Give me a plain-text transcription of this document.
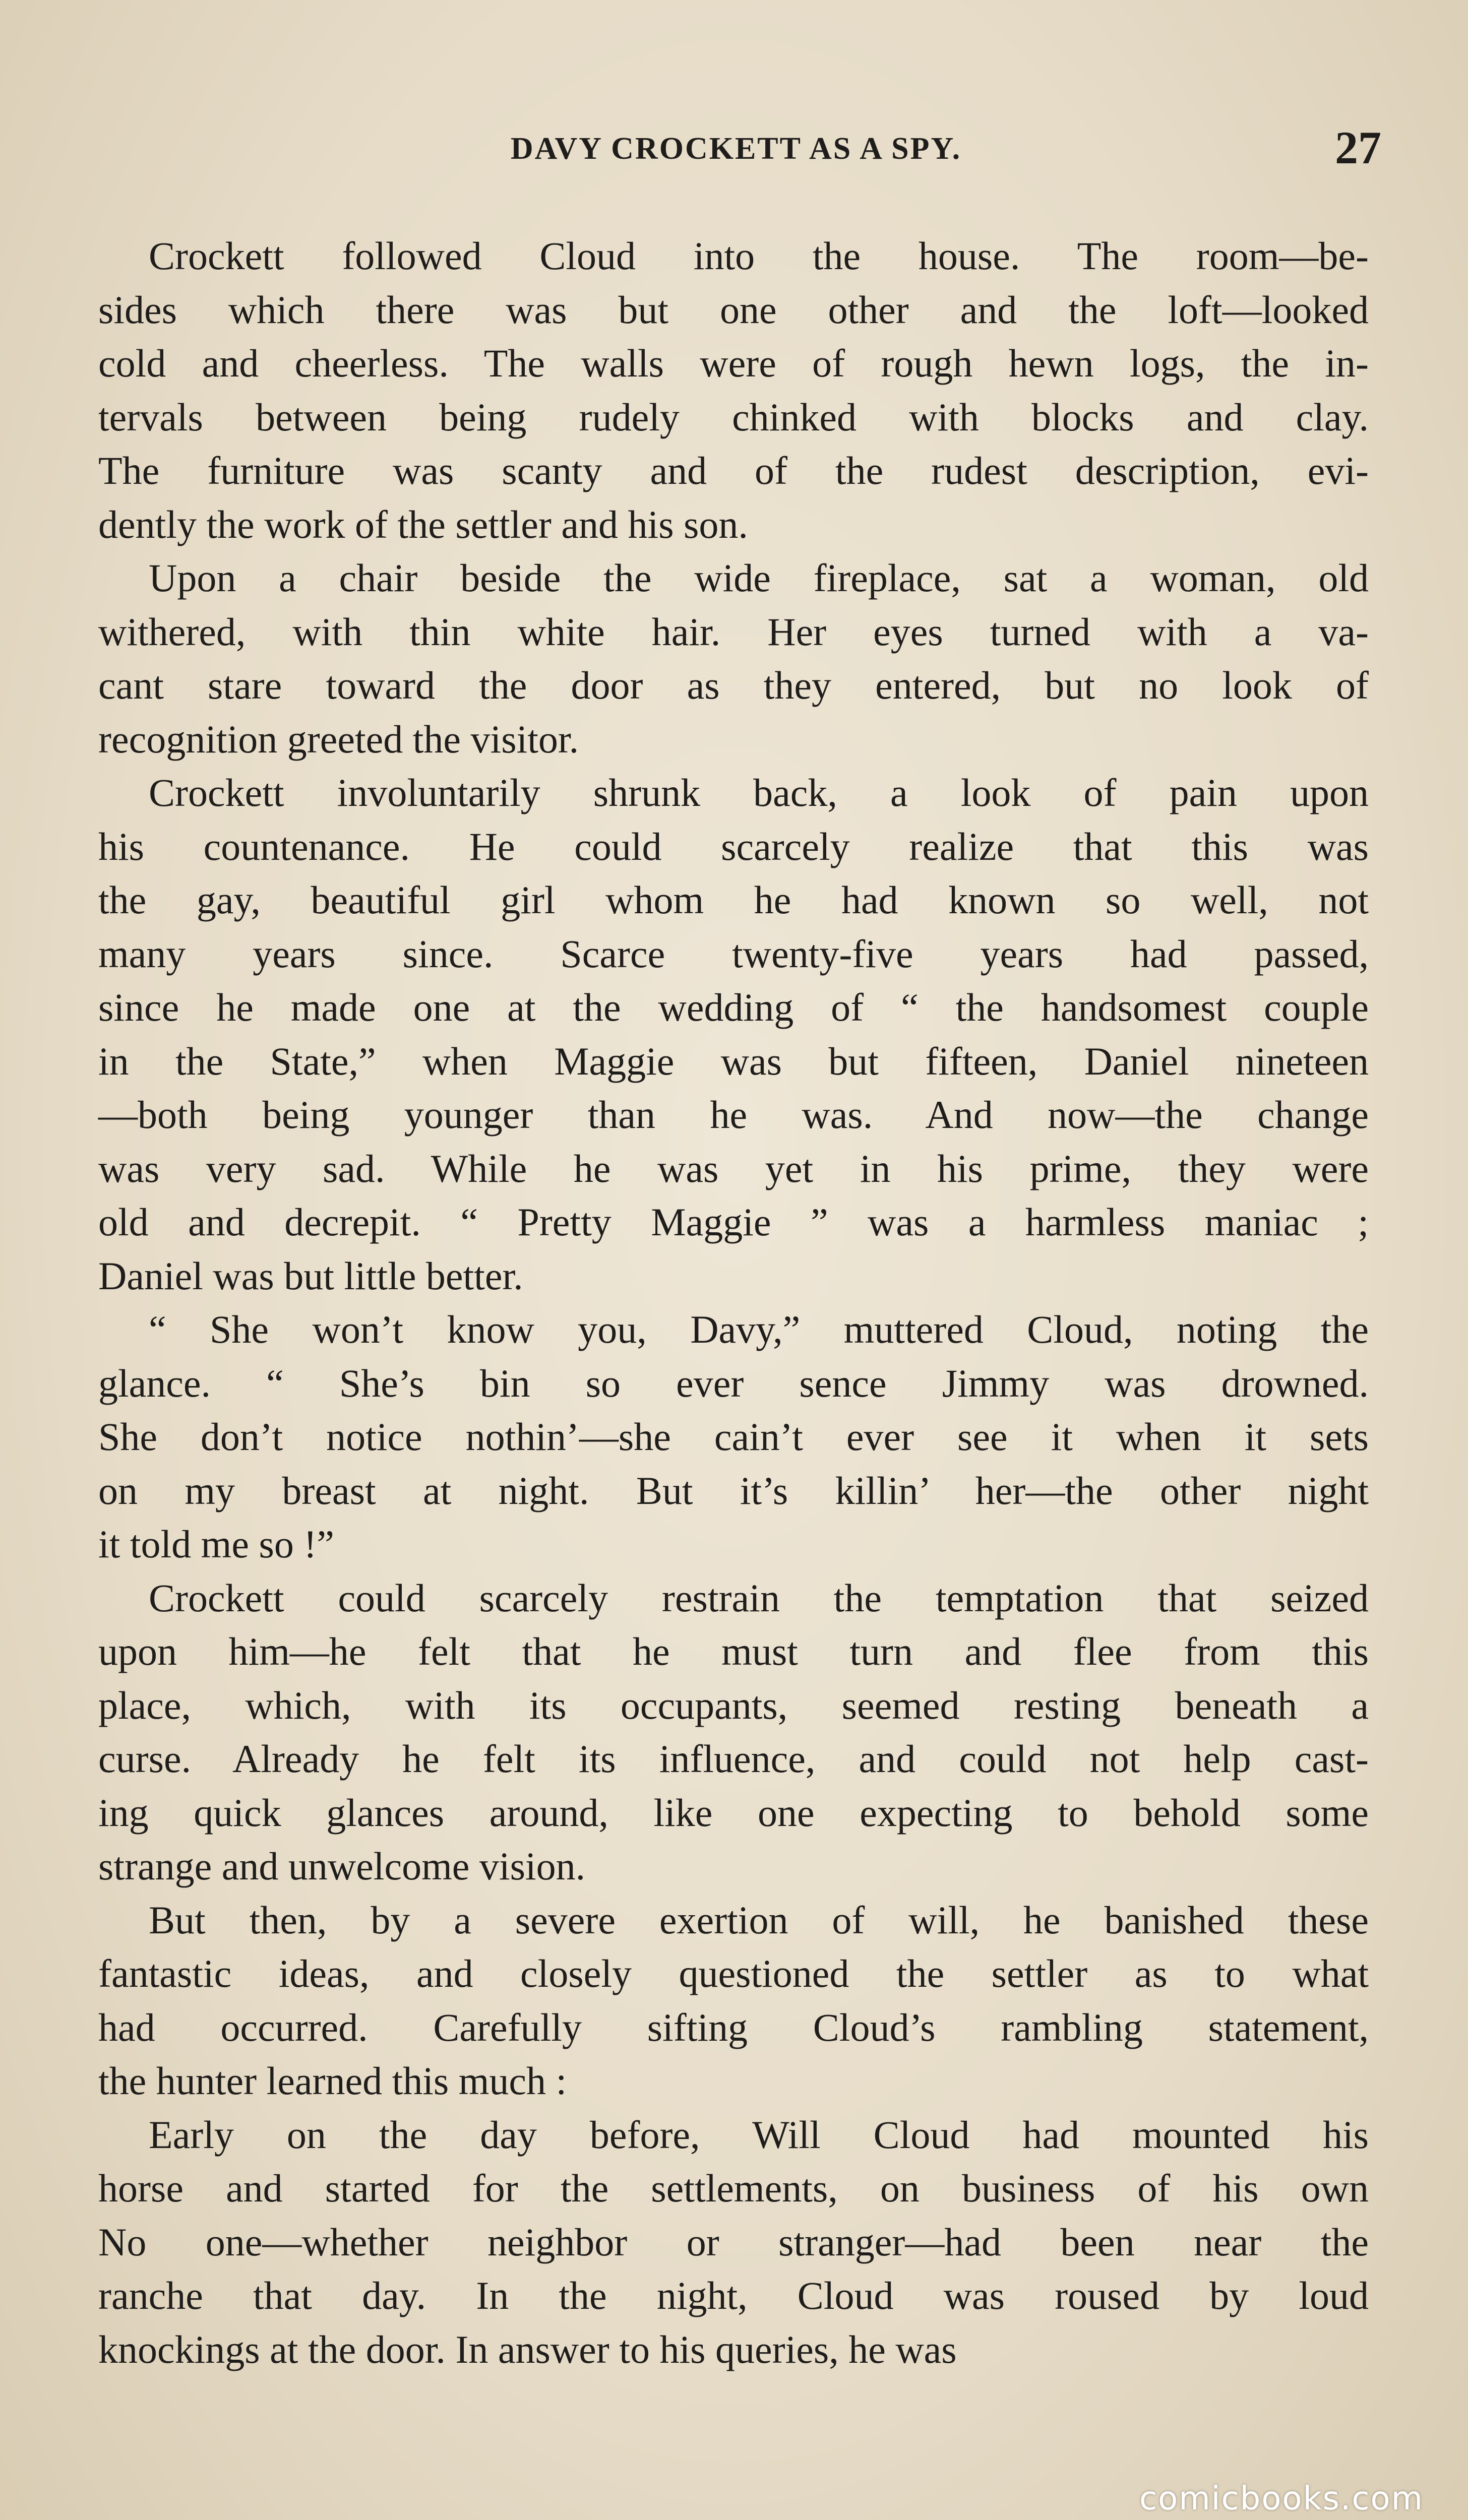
DAVY CROCKETT AS A SPY.	27
Crockett followed Cloud into the house. The room—be-
sides which there was but one other and the loft—looked
cold and cheerless. The walls were of rough hewn logs, the in-
tervals between being rudely chinked with blocks and clay.
The furniture was scanty and of the rudest description, evi-
dently the work of the settler and his son.
Upon a chair beside the wide fireplace, sat a woman, old
withered, with thin white hair. Her eyes turned with a va-
cant stare toward the door as they entered, but no look of
recognition greeted the visitor.
Crockett involuntarily shrunk back, a look of pain upon
his countenance. He could scarcely realize that this was
the gay, beautiful girl whom he had known so well, not
many years since. Scarce twenty-five years had passed,
since he made one at the wedding of “ the handsomest couple
in the State,” when Maggie was but fifteen, Daniel nineteen
—both being younger than he was. And now—the change
was very sad. While he was yet in his prime, they were
old and decrepit. “ Pretty Maggie ” was a harmless maniac ;
Daniel was but little better.
“ She won’t know you, Davy,” muttered Cloud, noting the
glance. “ She’s bin so ever sence Jimmy was drowned.
She don’t notice nothin’—she cain’t ever see it when it sets
on my breast at night. But it’s killin’ her—the other night
it told me so !”
Crockett could scarcely restrain the temptation that seized
upon him—he felt that he must turn and flee from this
place, which, with its occupants, seemed resting beneath a
curse. Already he felt its influence, and could not help cast-
ing quick glances around, like one expecting to behold some
strange and unwelcome vision.
But then, by a severe exertion of will, he banished these
fantastic ideas, and closely questioned the settler as to what
had occurred. Carefully sifting Cloud’s rambling statement,
the hunter learned this much :
Early on the day before, Will Cloud had mounted his
horse and started for the settlements, on business of his own
No one—whether neighbor or stranger—had been near the
ranche that day. In the night, Cloud was roused by loud
knockings at the door. In answer to his queries, he was
comicbooks.com
